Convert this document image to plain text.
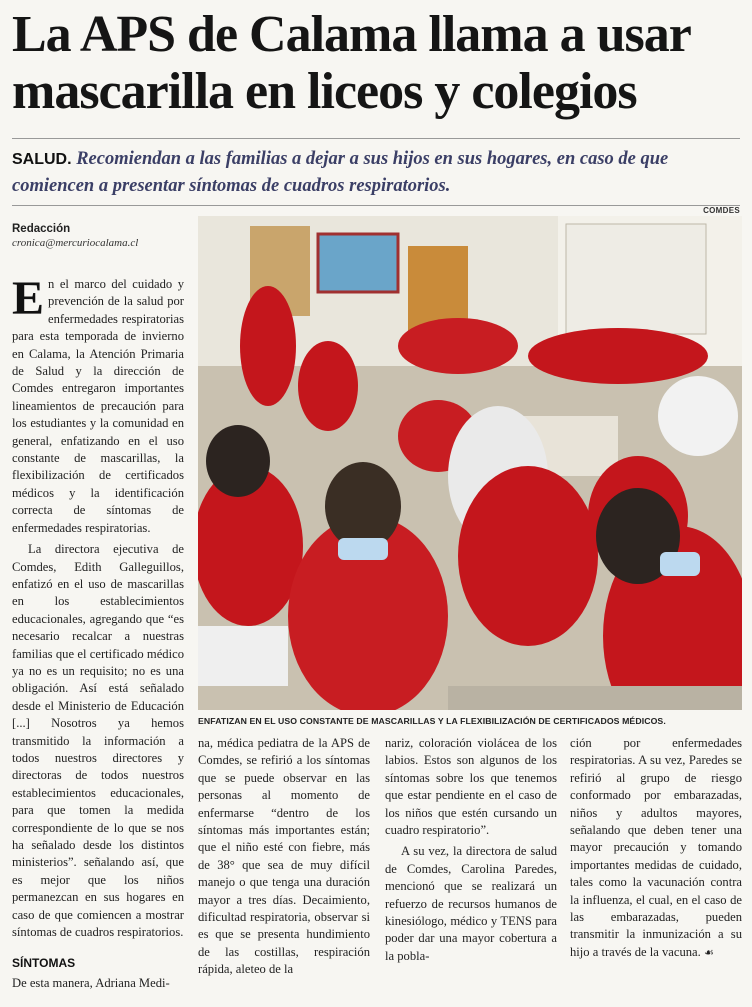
La APS de Calama llama a usar mascarilla en liceos y colegios
SALUD. Recomiendan a las familias a dejar a sus hijos en sus hogares, en caso de que comiencen a presentar síntomas de cuadros respiratorios.
Redacción
cronica@mercuriocalama.cl
COMDES
ENFATIZAN EN EL USO CONSTANTE DE MASCARILLAS Y LA FLEXIBILIZACIÓN DE CERTIFICADOS MÉDICOS.

En el marco del cuidado y prevención de la salud por enfermedades respiratorias para esta temporada de invierno en Calama, la Atención Primaria de Salud y la dirección de Comdes entregaron importantes lineamientos de precaución para los estudiantes y la comunidad en general, enfatizando en el uso constante de mascarillas, la flexibilización de certificados médicos y la identificación correcta de síntomas de enfermedades respiratorias.

La directora ejecutiva de Comdes, Edith Galleguillos, enfatizó en el uso de mascarillas en los establecimientos educacionales, agregando que “es necesario recalcar a nuestras familias que el certificado médico ya no es un requisito; no es una obligación. Así está señalado desde el Ministerio de Educación [...] Nosotros ya hemos transmitido la información a todos nuestros directores y directoras de todos nuestros establecimientos educacionales, para que tomen la medida correspondiente de lo que se nos ha señalado desde los distintos ministerios”. señalando así, que es mejor que los niños permanezcan en sus hogares en caso de que comiencen a mostrar síntomas de cuadros respiratorios.

SÍNTOMAS

De esta manera, Adriana Medi-

na, médica pediatra de la APS de Comdes, se refirió a los síntomas que se puede observar en las personas al momento de enfermarse “dentro de los síntomas más importantes están; que el niño esté con fiebre, más de 38° que sea de muy difícil manejo o que tenga una duración mayor a tres días. Decaimiento, dificultad respiratoria, observar si es que se presenta hundimiento de las costillas, respiración rápida, aleteo de la

nariz, coloración violácea de los labios. Estos son algunos de los síntomas sobre los que tenemos que estar pendiente en el caso de los niños que estén cursando un cuadro respiratorio”.

A su vez, la directora de salud de Comdes, Carolina Paredes, mencionó que se realizará un refuerzo de recursos humanos de kinesiólogo, médico y TENS para poder dar una mayor cobertura a la pobla-

ción por enfermedades respiratorias. A su vez, Paredes se refirió al grupo de riesgo conformado por embarazadas, niños y adultos mayores, señalando que deben tener una mayor precaución y tomando importantes medidas de cuidado, tales como la vacunación contra la influenza, el cual, en el caso de las embarazadas, pueden transmitir la inmunización a su hijo a través de la vacuna. ☙
